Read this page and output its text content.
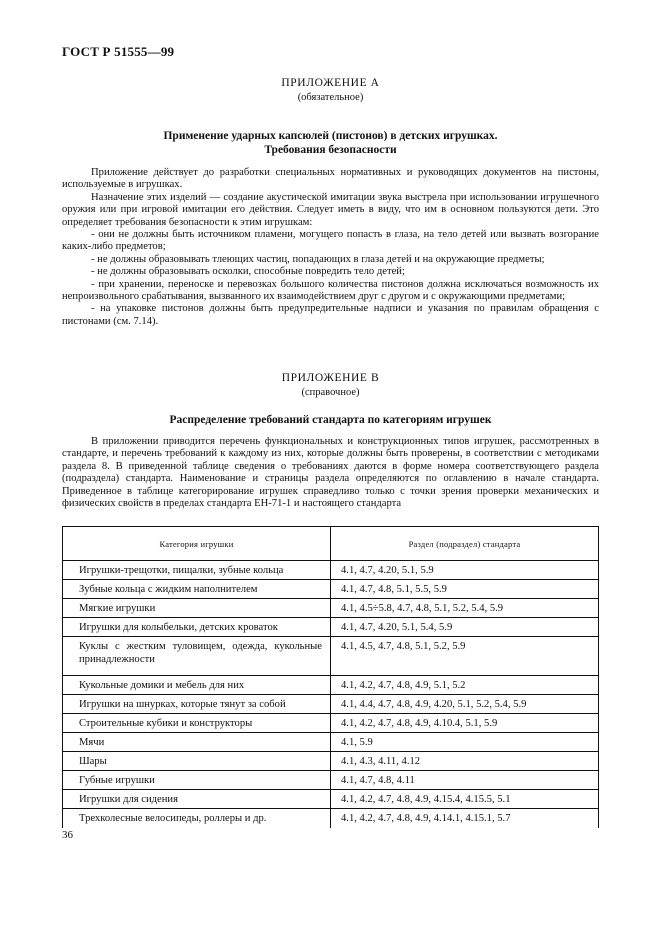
ГОСТ Р 51555—99
ПРИЛОЖЕНИЕ А
(обязательное)
Применение ударных капсюлей (пистонов) в детских игрушках.
Требования безопасности

Приложение действует до разработки специальных нормативных и руководящих документов на пистоны, используемые в игрушках.

Назначение этих изделий — создание акустической имитации звука выстрела при использовании игрушечного оружия или при игровой имитации его действия. Следует иметь в виду, что им в основном пользуются дети. Это определяет требования безопасности к этим игрушкам:

- они не должны быть источником пламени, могущего попасть в глаза, на тело детей или вызвать возгорание каких-либо предметов;

- не должны образовывать тлеющих частиц, попадающих в глаза детей и на окружающие предметы;

- не должны образовывать осколки, способные повредить тело детей;

- при хранении, переноске и перевозках большого количества пистонов должна исключаться возможность их непроизвольного срабатывания, вызванного их взаимодействием друг с другом и с окружающими предметами;

- на упаковке пистонов должны быть предупредительные надписи и указания по правилам обращения с пистонами (см. 7.14).

ПРИЛОЖЕНИЕ В
(справочное)
Распределение требований стандарта по категориям игрушек

В приложении приводится перечень функциональных и конструкционных типов игрушек, рассмотренных в стандарте, и перечень требований к каждому из них, которые должны быть проверены, в соответствии с методиками раздела 8. В приведенной таблице сведения о требованиях даются в форме номера соответствующего раздела (подраздела) стандарта. Наименование и страницы раздела определяются по оглавлению в начале стандарта. Приведенное в таблице категорирование игрушек справедливо только с точки зрения проверки механических и физических свойств в пределах стандарта ЕН-71-1 и настоящего стандарта

Категория игрушки	Раздел (подраздел) стандарта
Игрушки-трещотки, пищалки, зубные кольца	4.1, 4.7, 4.20, 5.1, 5.9
Зубные кольца с жидким наполнителем	4.1, 4.7, 4.8, 5.1, 5.5, 5.9
Мягкие игрушки	4.1, 4.5÷5.8, 4.7, 4.8, 5.1, 5.2, 5.4, 5.9
Игрушки для колыбельки, детских кроваток	4.1, 4.7, 4.20, 5.1, 5.4, 5.9
Куклы с жестким туловищем, одежда, кукольные принадлежности	4.1, 4.5, 4.7, 4.8, 5.1, 5.2, 5.9
Кукольные домики и мебель для них	4.1, 4.2, 4.7, 4.8, 4.9, 5.1, 5.2
Игрушки на шнурках, которые тянут за собой	4.1, 4.4, 4.7, 4.8, 4.9, 4.20, 5.1, 5.2, 5.4, 5.9
Строительные кубики и конструкторы	4.1, 4.2, 4.7, 4.8, 4.9, 4.10.4, 5.1, 5.9
Мячи	4.1, 5.9
Шары	4.1, 4.3, 4.11, 4.12
Губные игрушки	4.1, 4.7, 4.8, 4.11
Игрушки для сидения	4.1, 4.2, 4.7, 4.8, 4.9, 4.15.4, 4.15.5, 5.1
Трехколесные велосипеды, роллеры и др.	4.1, 4.2, 4.7, 4.8, 4.9, 4.14.1, 4.15.1, 5.7
36
